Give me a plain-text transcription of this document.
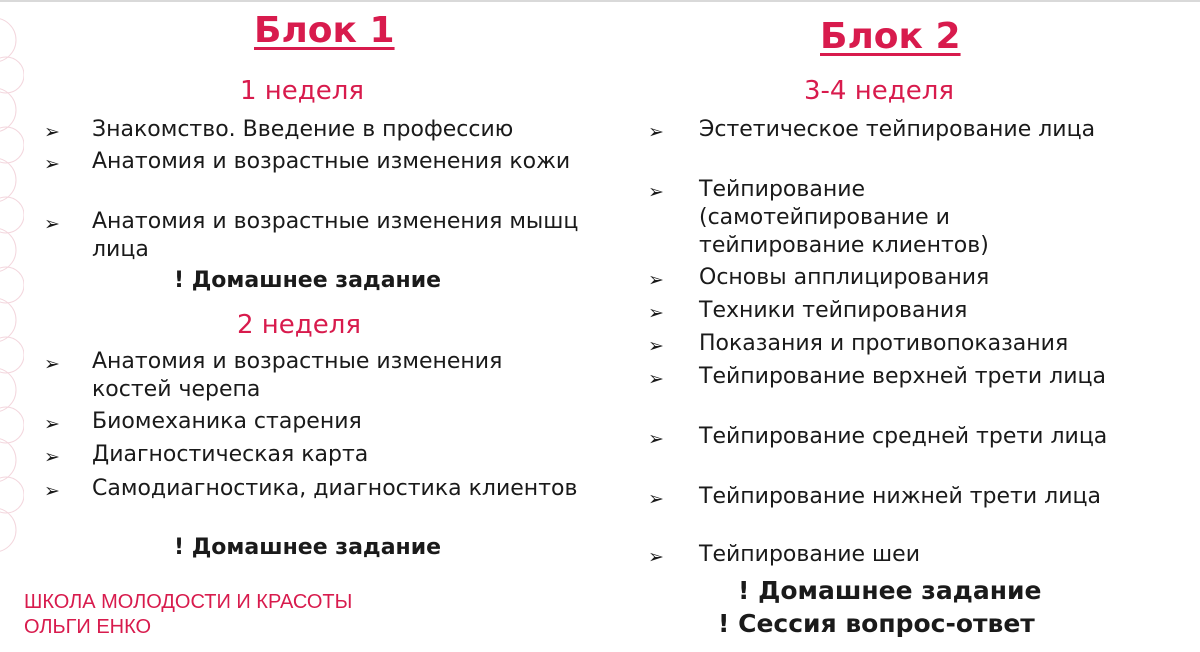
Блок 1
1 неделя
➢ Знакомство. Введение в профессию
➢ Анатомия и возрастные изменения кожи
➢ Анатомия и возрастные изменения мышц лица
! Домашнее задание
2 неделя
➢ Анатомия и возрастные изменения костей черепа
➢ Биомеханика старения
➢ Диагностическая карта
➢ Самодиагностика, диагностика клиентов
! Домашнее задание
Блок 2
3-4 неделя
➢ Эстетическое тейпирование лица
➢ Тейпирование (самотейпирование и тейпирование клиентов)
➢ Основы апплицирования
➢ Техники тейпирования
➢ Показания и противопоказания
➢ Тейпирование верхней трети лица
➢ Тейпирование средней трети лица
➢ Тейпирование нижней трети лица
➢ Тейпирование шеи
! Домашнее задание
! Сессия вопрос-ответ
ШКОЛА МОЛОДОСТИ И КРАСОТЫ
ОЛЬГИ ЕНКО
